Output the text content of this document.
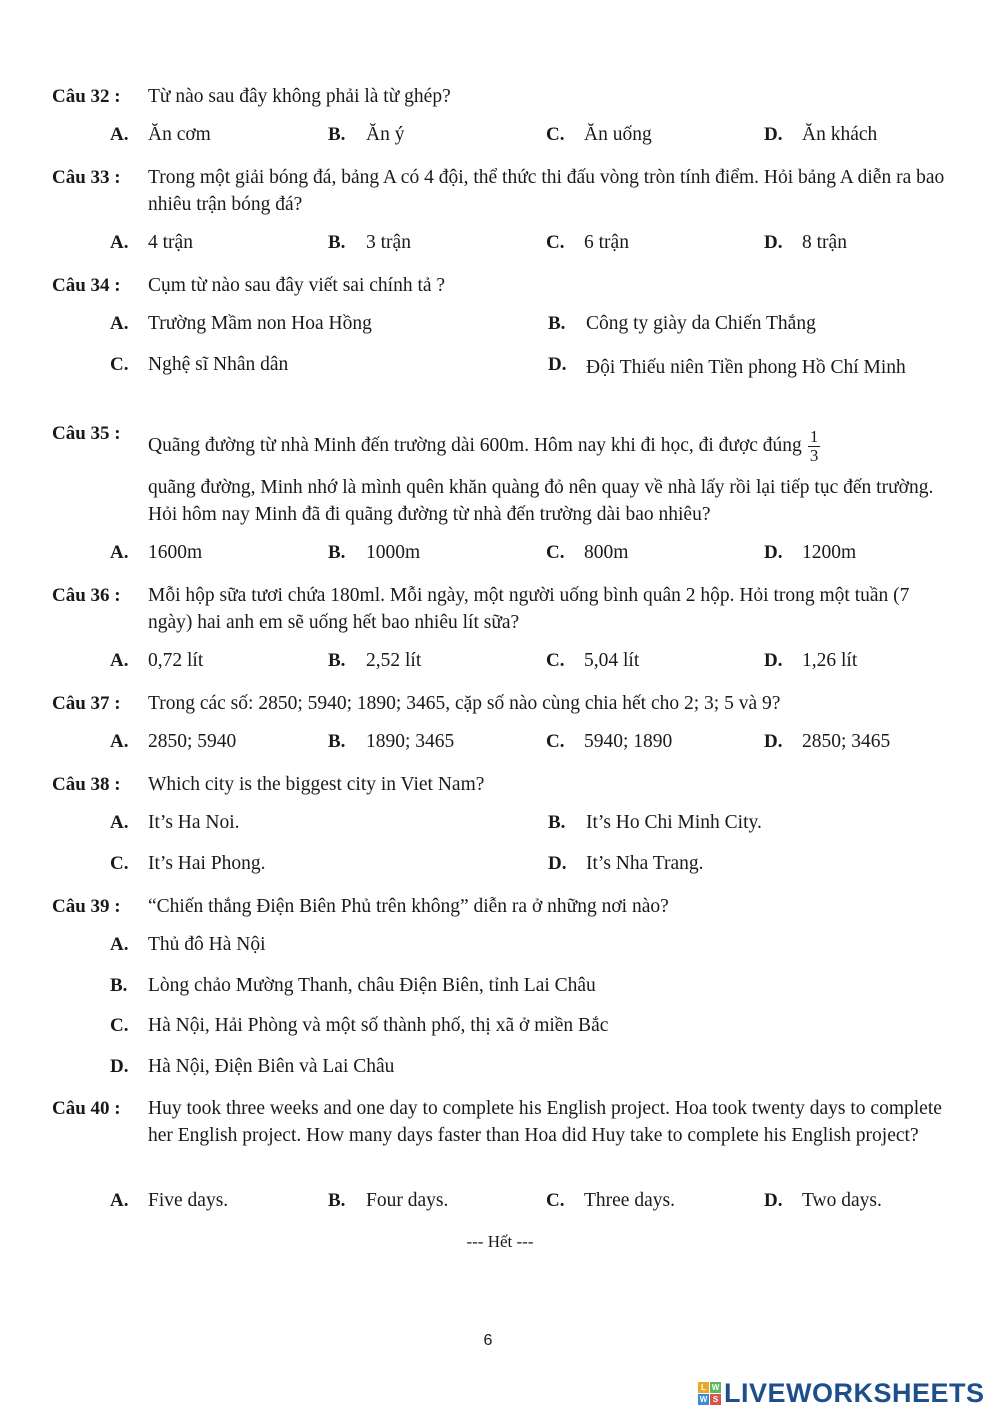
Câu 32 : Từ nào sau đây không phải là từ ghép?
A. Ăn cơm	B. Ăn ý	C. Ăn uống	D. Ăn khách
Câu 33 : Trong một giải bóng đá, bảng A có 4 đội, thể thức thi đấu vòng tròn tính điểm. Hỏi bảng A diễn ra bao nhiêu trận bóng đá?
A. 4 trận	B. 3 trận	C. 6 trận	D. 8 trận
Câu 34 : Cụm từ nào sau đây viết sai chính tả ?
A. Trường Mầm non Hoa Hồng	B. Công ty giày da Chiến Thắng
C. Nghệ sĩ Nhân dân	D. Đội Thiếu niên Tiền phong Hồ Chí Minh
Câu 35 :
Quãng đường từ nhà Minh đến trường dài 600m. Hôm nay khi đi học, đi được đúng $\frac{1}{3}$
quãng đường, Minh nhớ là mình quên khăn quàng đỏ nên quay về nhà lấy rồi lại tiếp tục đến trường. Hỏi hôm nay Minh đã đi quãng đường từ nhà đến trường dài bao nhiêu?
A. 1600m	B. 1000m	C. 800m	D. 1200m
Câu 36 : Mỗi hộp sữa tươi chứa 180ml. Mỗi ngày, một người uống bình quân 2 hộp. Hỏi trong một tuần (7 ngày) hai anh em sẽ uống hết bao nhiêu lít sữa?
A. 0,72 lít	B. 2,52 lít	C. 5,04 lít	D. 1,26 lít
Câu 37 : Trong các số: 2850; 5940; 1890; 3465, cặp số nào cùng chia hết cho 2; 3; 5 và 9?
A. 2850; 5940	B. 1890; 3465	C. 5940; 1890	D. 2850; 3465
Câu 38 : Which city is the biggest city in Viet Nam?
A. It’s Ha Noi.	B. It’s Ho Chi Minh City.
C. It’s Hai Phong.	D. It’s Nha Trang.
Câu 39 : “Chiến thắng Điện Biên Phủ trên không” diễn ra ở những nơi nào?
A. Thủ đô Hà Nội
B. Lòng chảo Mường Thanh, châu Điện Biên, tỉnh Lai Châu
C. Hà Nội, Hải Phòng và một số thành phố, thị xã ở miền Bắc
D. Hà Nội, Điện Biên và Lai Châu
Câu 40 : Huy took three weeks and one day to complete his English project. Hoa took twenty days to complete her English project. How many days faster than Hoa did Huy take to complete his English project?
A. Five days.	B. Four days.	C. Three days.	D. Two days.
--- Hết ---
6
L W
W S LIVEWORKSHEETS
